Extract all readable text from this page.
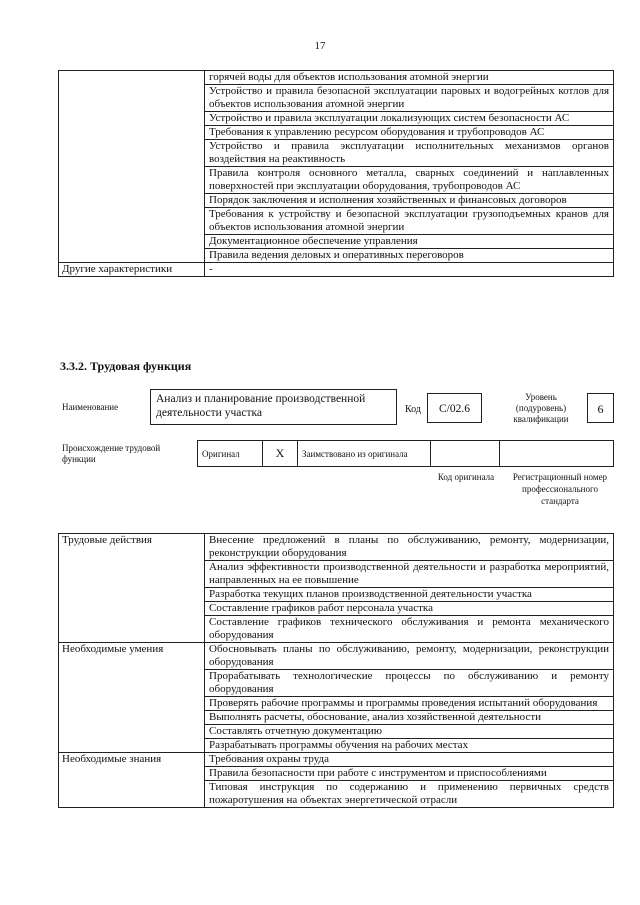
17
	горячей воды для объектов использования атомной энергии
	Устройство и правила безопасной эксплуатации паровых и водогрейных котлов для объектов использования атомной энергии
	Устройство и правила эксплуатации локализующих систем безопасности АС
	Требования к управлению ресурсом оборудования и трубопроводов АС
	Устройство и правила эксплуатации исполнительных механизмов органов воздействия на реактивность
	Правила контроля основного металла, сварных соединений и наплавленных поверхностей при эксплуатации оборудования, трубопроводов АС
	Порядок заключения и исполнения хозяйственных и финансовых договоров
	Требования к устройству и безопасной эксплуатации грузоподъемных кранов для объектов использования атомной энергии
	Документационное обеспечение управления
	Правила ведения деловых и оперативных переговоров
Другие характеристики	-
3.3.2. Трудовая функция
Наименование
Анализ и планирование производственной деятельности участка	Код	C/02.6
Уровень (подуровень) квалификации
6
Происхождение трудовой функции
Оригинал	X	Заимствовано из оригинала		
Код оригинала	Регистрационный номер профессионального стандарта
Трудовые действия	Внесение предложений в планы по обслуживанию, ремонту, модернизации, реконструкции оборудования
	Анализ эффективности производственной деятельности и разработка мероприятий, направленных на ее повышение
	Разработка текущих планов производственной деятельности участка
	Составление графиков работ персонала участка
	Составление графиков технического обслуживания и ремонта механического оборудования
Необходимые умения	Обосновывать планы по обслуживанию, ремонту, модернизации, реконструкции оборудования
	Прорабатывать технологические процессы по обслуживанию и ремонту оборудования
	Проверять рабочие программы и программы проведения испытаний оборудования
	Выполнять расчеты, обоснование, анализ хозяйственной деятельности
	Составлять отчетную документацию
	Разрабатывать программы обучения на рабочих местах
Необходимые знания	Требования охраны труда
	Правила безопасности при работе с инструментом и приспособлениями
	Типовая инструкция по содержанию и применению первичных средств пожаротушения на объектах энергетической отрасли
